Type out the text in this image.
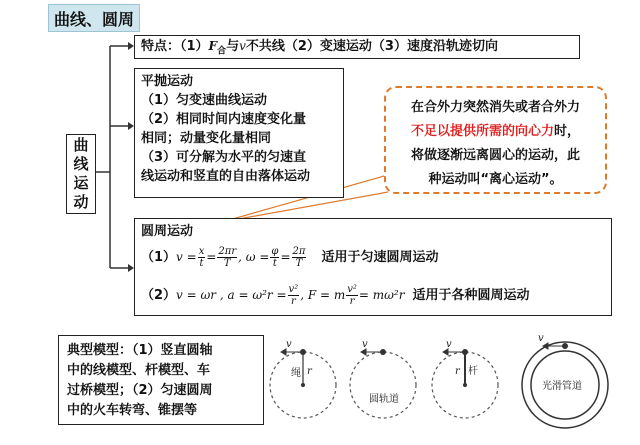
曲线、圆周
曲
线
运
动
特点：$(1)F_合$与v不共线（2）变速运动（3）速度沿轨迹切向
平抛运动
（1）匀变速曲线运动
（2）相同时间内速度变化量
相同；动量变化量相同
（3）可分解为水平的匀速直
线运动和竖直的自由落体运动
在合外力突然消失或者合外力
不足以提供所需的向心力时，
将做逐渐远离圆心的运动，此
种运动叫“离心运动”。
圆周运动
（1） $v = \frac{x}{t} = \frac{2\pi r}{T}$ , $\omega = \frac{\varphi}{t} = \frac{2\pi}{T}$ 适用于匀速圆周运动
（2） v = ωr , $a = \omega^2r = \frac{\text{v²}}{r}$ , F = m $\frac{\text{v²}}{r} = m\omega^2r$ 适用于各种圆周运动
典型模型：（1）竖直圆轴
中的线模型、杆模型、车
过桥模型；（2）匀速圆周
中的火车转弯、锥摆等
v
r
v	v
r
v
绳
圆轨道
杆
光滑管道
